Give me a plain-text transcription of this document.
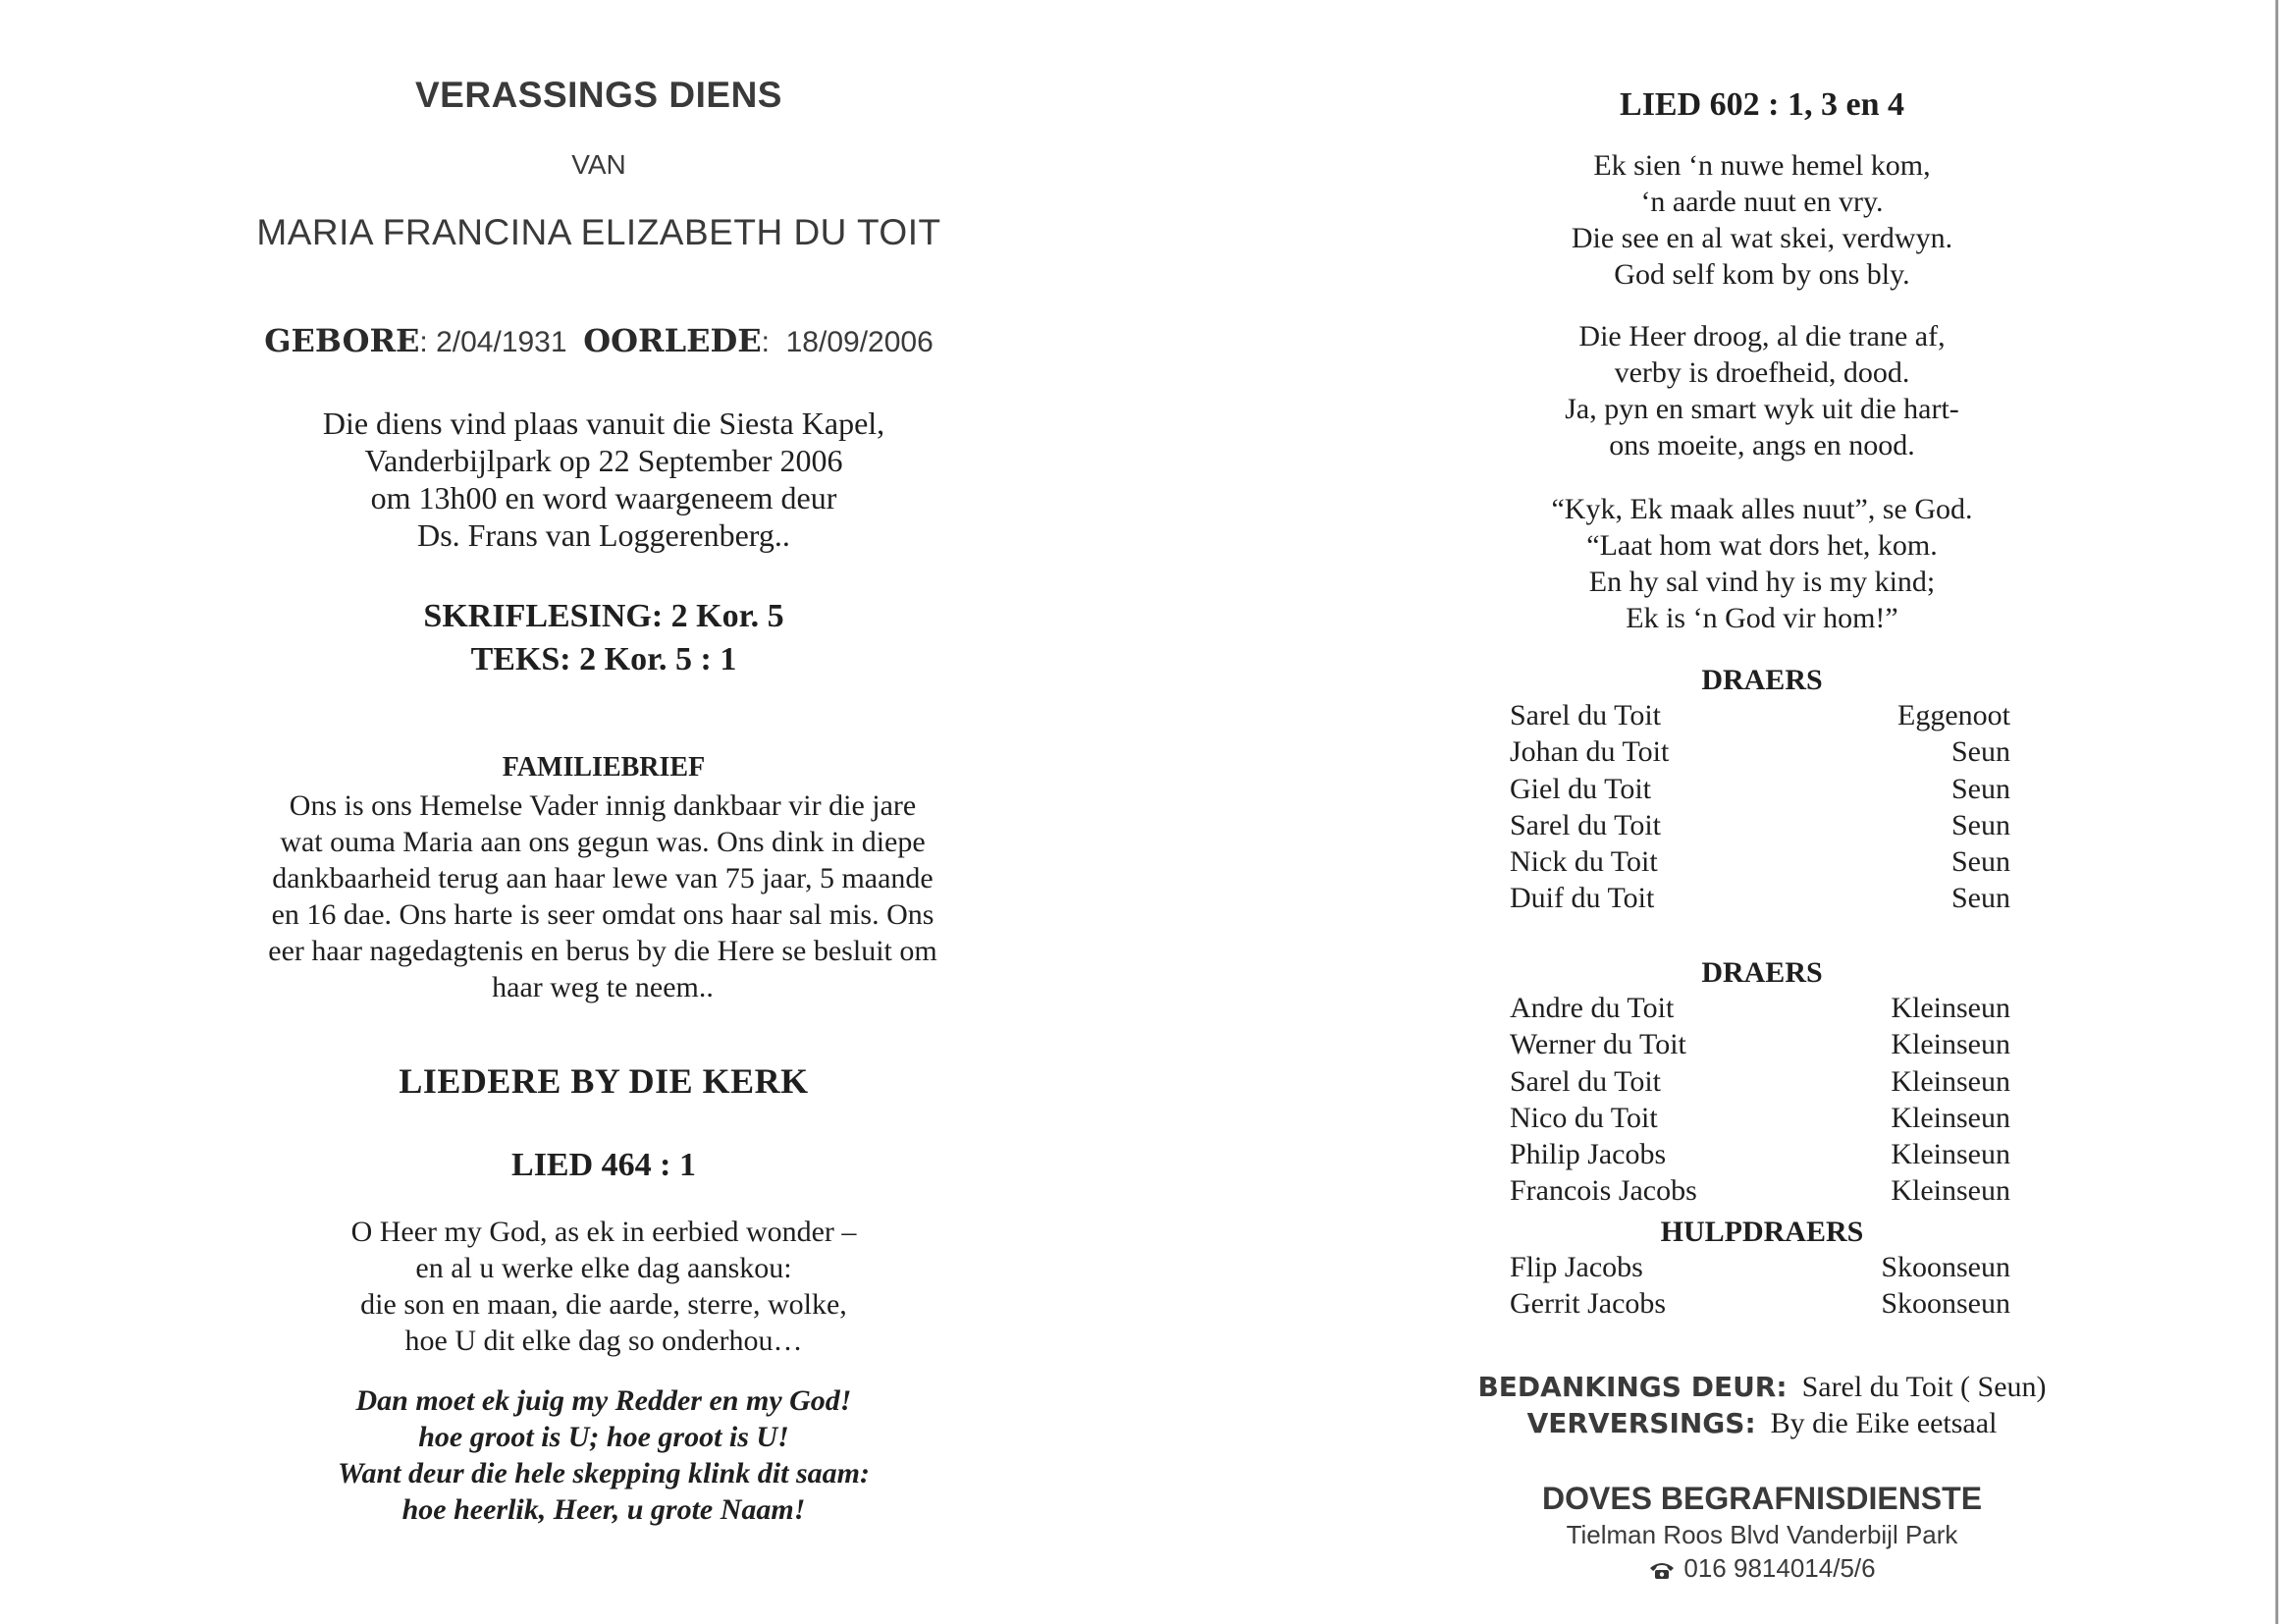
VERASSINGS DIENS
VAN
MARIA FRANCINA ELIZABETH DU TOIT
GEBORE: 2/04/1931 OORLEDE:  18/09/2006
Die diens vind plaas vanuit die Siesta Kapel,
Vanderbijlpark op 22 September 2006
om 13h00 en word waargeneem deur
Ds. Frans van Loggerenberg..
SKRIFLESING: 2 Kor. 5
TEKS: 2 Kor. 5 : 1
FAMILIEBRIEF
Ons is ons Hemelse Vader innig dankbaar vir die jare
wat ouma Maria aan ons gegun was. Ons dink in diepe
dankbaarheid terug aan haar lewe van 75 jaar, 5 maande
en 16 dae. Ons harte is seer omdat ons haar sal mis. Ons
eer haar nagedagtenis en berus by die Here se besluit om
haar weg te neem..
LIEDERE BY DIE KERK
LIED 464 : 1
O Heer my God, as ek in eerbied wonder –
en al u werke elke dag aanskou:
die son en maan, die aarde, sterre, wolke,
hoe U dit elke dag so onderhou…
Dan moet ek juig my Redder en my God!
hoe groot is U; hoe groot is U!
Want deur die hele skepping klink dit saam:
hoe heerlik, Heer, u grote Naam!
LIED 602 : 1, 3 en 4
Ek sien ‘n nuwe hemel kom,
‘n aarde nuut en vry.
Die see en al wat skei, verdwyn.
God self kom by ons bly.
Die Heer droog, al die trane af,
verby is droefheid, dood.
Ja, pyn en smart wyk uit die hart-
ons moeite, angs en nood.
“Kyk, Ek maak alles nuut”, se God.
“Laat hom wat dors het, kom.
En hy sal vind hy is my kind;
Ek is ‘n God vir hom!”
DRAERS
Sarel du Toit	Eggenoot
Johan du Toit	Seun
Giel du Toit	Seun
Sarel du Toit	Seun
Nick du Toit	Seun
Duif du Toit	Seun
DRAERS
Andre du Toit	Kleinseun
Werner du Toit	Kleinseun
Sarel du Toit	Kleinseun
Nico du Toit	Kleinseun
Philip Jacobs	Kleinseun
Francois Jacobs	Kleinseun
HULPDRAERS
Flip Jacobs	Skoonseun
Gerrit Jacobs	Skoonseun
BEDANKINGS DEUR: Sarel du Toit ( Seun)
VERVERSINGS: By die Eike eetsaal
DOVES BEGRAFNISDIENSTE
Tielman Roos Blvd Vanderbijl Park
016 9814014/5/6
